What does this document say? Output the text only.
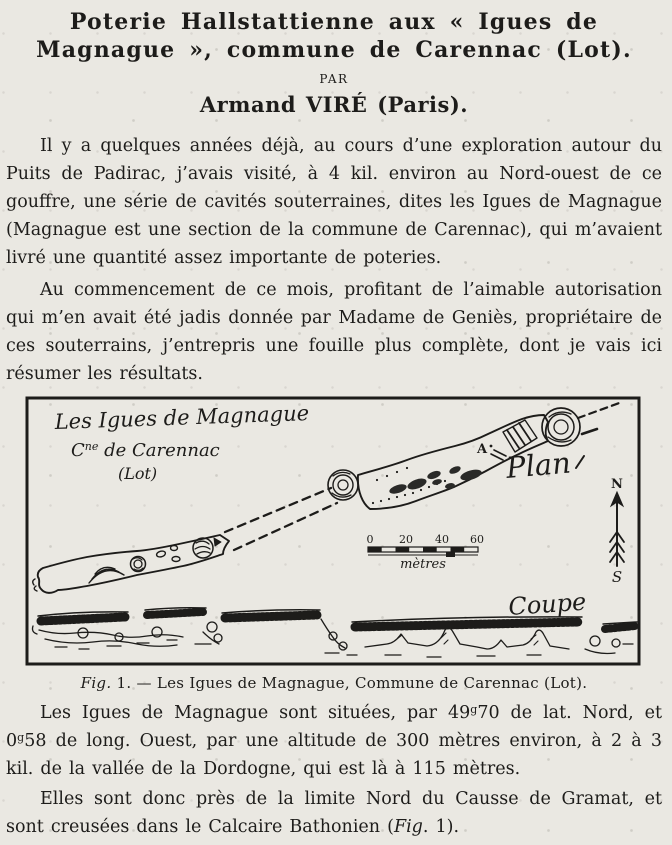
Poterie Hallstattienne aux « Igues de
Magnague », commune de Carennac (Lot).
PAR
Armand VIRÉ (Paris).

Il y a quelques années déjà, au cours d’une exploration autour du Puits de Padirac, j’avais visité, à 4 kil. environ au Nord-ouest de ce gouffre, une série de cavités souterraines, dites les Igues de Magnague (Magnague est une section de la commune de Carennac), qui m’avaient livré une quantité assez importante de poteries.

Au commencement de ce mois, profitant de l’aimable autorisation qui m’en avait été jadis donnée par Madame de Geniès, propriétaire de ces souterrains, j’entrepris une fouille plus complète, dont je vais ici résumer les résultats.

Les Igues de Magnague
$C^{ne}$ de Carennac
(Lot)
A Plan
0 20 40 60
mètres
N
S
Coupe
Fig. 1. — Les Igues de Magnague, Commune de Carennac (Lot).

Les Igues de Magnague sont situées, par 49$^g$70 de lat. Nord, et 0$^g$58 de long. Ouest, par une altitude de 300 mètres environ, à 2 à 3 kil. de la vallée de la Dordogne, qui est là à 115 mètres.

Elles sont donc près de la limite Nord du Causse de Gramat, et sont creusées dans le Calcaire Bathonien (Fig. 1).
